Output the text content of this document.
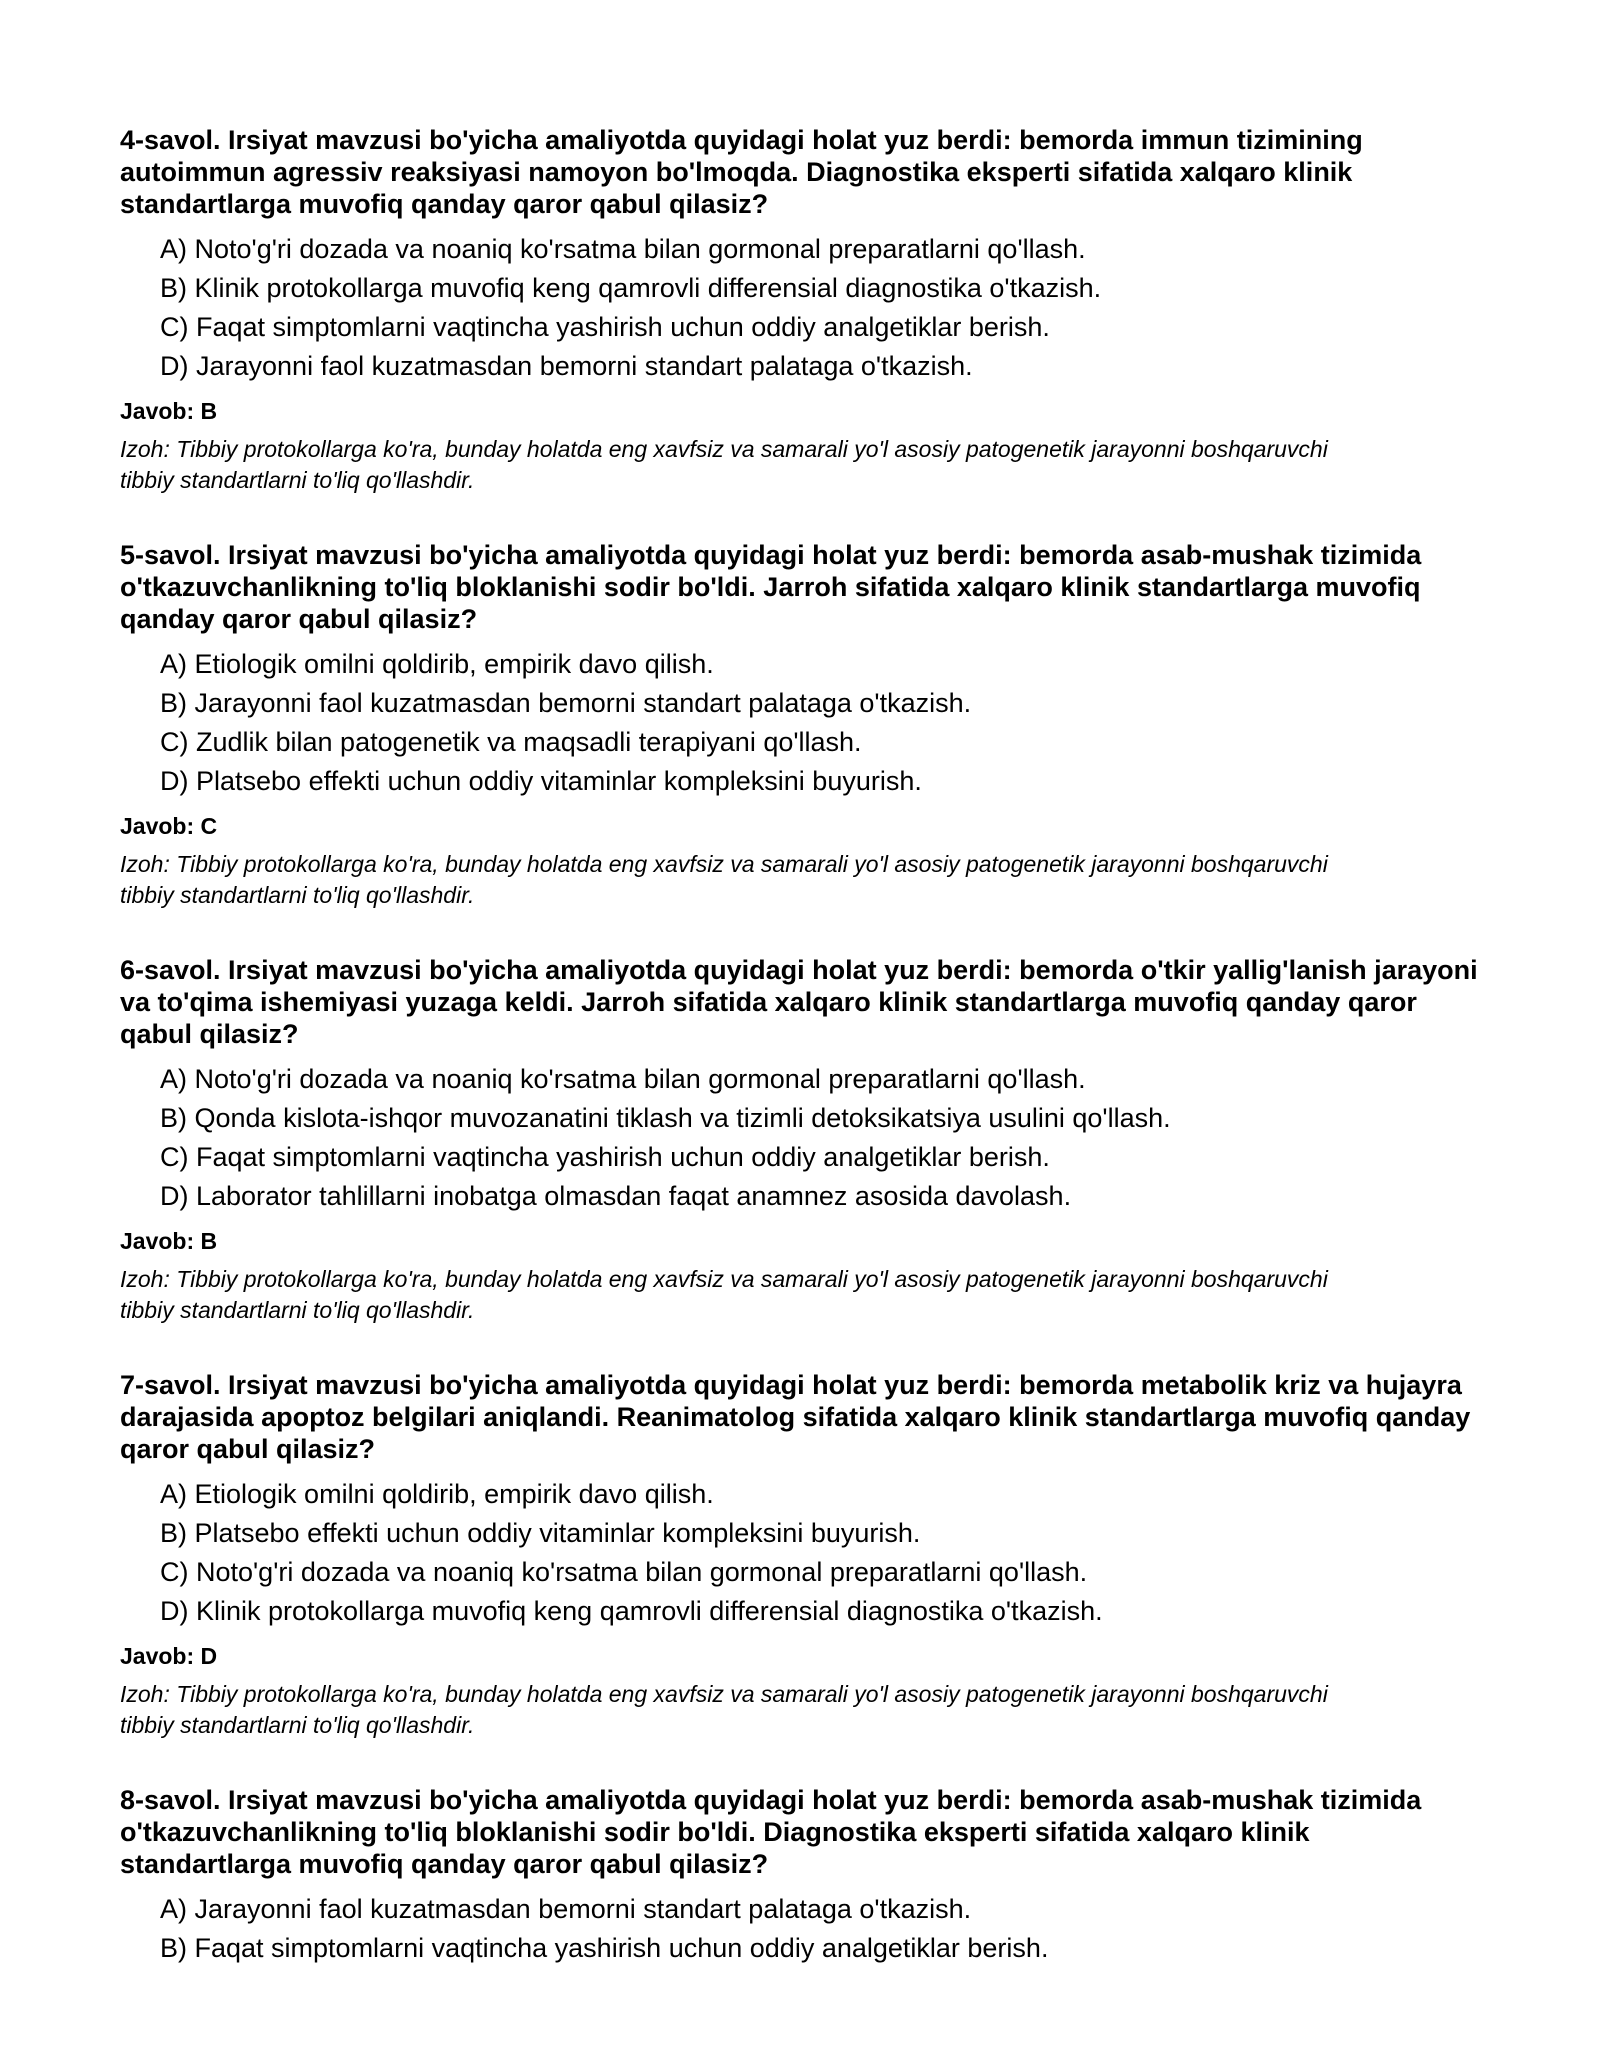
4-savol. Irsiyat mavzusi bo'yicha amaliyotda quyidagi holat yuz berdi: bemorda immun tizimining autoimmun agressiv reaksiyasi namoyon bo'lmoqda. Diagnostika eksperti sifatida xalqaro klinik standartlarga muvofiq qanday qaror qabul qilasiz?
A) Noto'g'ri dozada va noaniq ko'rsatma bilan gormonal preparatlarni qo'llash.
B) Klinik protokollarga muvofiq keng qamrovli differensial diagnostika o'tkazish.
C) Faqat simptomlarni vaqtincha yashirish uchun oddiy analgetiklar berish.
D) Jarayonni faol kuzatmasdan bemorni standart palataga o'tkazish.
Javob: B
Izoh: Tibbiy protokollarga ko'ra, bunday holatda eng xavfsiz va samarali yo'l asosiy patogenetik jarayonni boshqaruvchi tibbiy standartlarni to'liq qo'llashdir.
5-savol. Irsiyat mavzusi bo'yicha amaliyotda quyidagi holat yuz berdi: bemorda asab-mushak tizimida o'tkazuvchanlikning to'liq bloklanishi sodir bo'ldi. Jarroh sifatida xalqaro klinik standartlarga muvofiq qanday qaror qabul qilasiz?
A) Etiologik omilni qoldirib, empirik davo qilish.
B) Jarayonni faol kuzatmasdan bemorni standart palataga o'tkazish.
C) Zudlik bilan patogenetik va maqsadli terapiyani qo'llash.
D) Platsebo effekti uchun oddiy vitaminlar kompleksini buyurish.
Javob: C
Izoh: Tibbiy protokollarga ko'ra, bunday holatda eng xavfsiz va samarali yo'l asosiy patogenetik jarayonni boshqaruvchi tibbiy standartlarni to'liq qo'llashdir.
6-savol. Irsiyat mavzusi bo'yicha amaliyotda quyidagi holat yuz berdi: bemorda o'tkir yallig'lanish jarayoni va to'qima ishemiyasi yuzaga keldi. Jarroh sifatida xalqaro klinik standartlarga muvofiq qanday qaror qabul qilasiz?
A) Noto'g'ri dozada va noaniq ko'rsatma bilan gormonal preparatlarni qo'llash.
B) Qonda kislota-ishqor muvozanatini tiklash va tizimli detoksikatsiya usulini qo'llash.
C) Faqat simptomlarni vaqtincha yashirish uchun oddiy analgetiklar berish.
D) Laborator tahlillarni inobatga olmasdan faqat anamnez asosida davolash.
Javob: B
Izoh: Tibbiy protokollarga ko'ra, bunday holatda eng xavfsiz va samarali yo'l asosiy patogenetik jarayonni boshqaruvchi tibbiy standartlarni to'liq qo'llashdir.
7-savol. Irsiyat mavzusi bo'yicha amaliyotda quyidagi holat yuz berdi: bemorda metabolik kriz va hujayra darajasida apoptoz belgilari aniqlandi. Reanimatolog sifatida xalqaro klinik standartlarga muvofiq qanday qaror qabul qilasiz?
A) Etiologik omilni qoldirib, empirik davo qilish.
B) Platsebo effekti uchun oddiy vitaminlar kompleksini buyurish.
C) Noto'g'ri dozada va noaniq ko'rsatma bilan gormonal preparatlarni qo'llash.
D) Klinik protokollarga muvofiq keng qamrovli differensial diagnostika o'tkazish.
Javob: D
Izoh: Tibbiy protokollarga ko'ra, bunday holatda eng xavfsiz va samarali yo'l asosiy patogenetik jarayonni boshqaruvchi tibbiy standartlarni to'liq qo'llashdir.
8-savol. Irsiyat mavzusi bo'yicha amaliyotda quyidagi holat yuz berdi: bemorda asab-mushak tizimida o'tkazuvchanlikning to'liq bloklanishi sodir bo'ldi. Diagnostika eksperti sifatida xalqaro klinik standartlarga muvofiq qanday qaror qabul qilasiz?
A) Jarayonni faol kuzatmasdan bemorni standart palataga o'tkazish.
B) Faqat simptomlarni vaqtincha yashirish uchun oddiy analgetiklar berish.
